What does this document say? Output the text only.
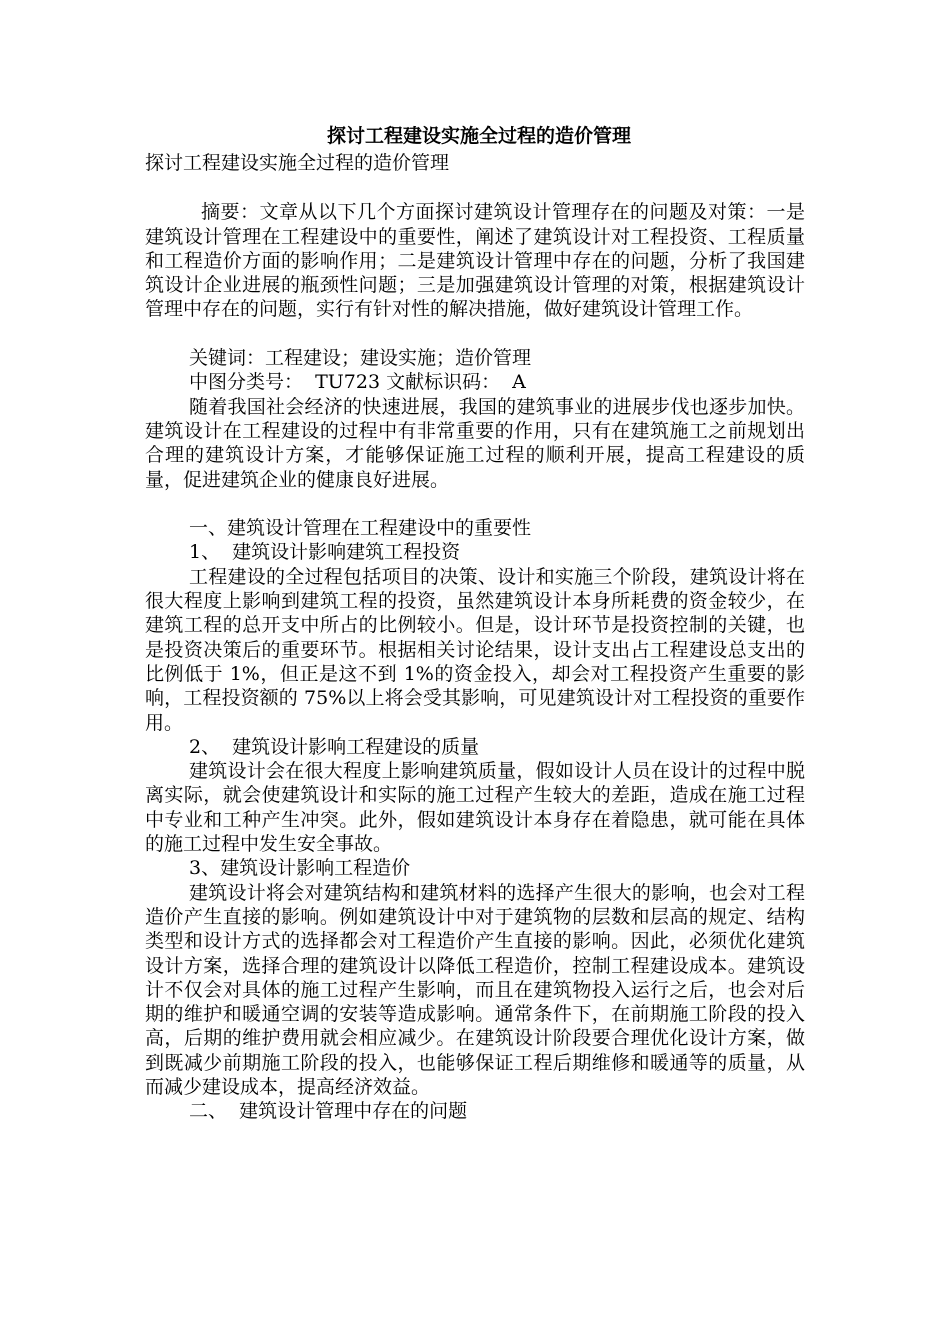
探讨工程建设实施全过程的造价管理

探讨工程建设实施全过程的造价管理

摘要：文章从以下几个方面探讨建筑设计管理存在的问题及对策：一是建筑设计管理在工程建设中的重要性，阐述了建筑设计对工程投资、工程质量和工程造价方面的影响作用；二是建筑设计管理中存在的问题，分析了我国建筑设计企业进展的瓶颈性问题；三是加强建筑设计管理的对策，根据建筑设计管理中存在的问题，实行有针对性的解决措施，做好建筑设计管理工作。

关键词：工程建设；建设实施；造价管理

中图分类号：  TU723 文献标识码：  A

随着我国社会经济的快速进展，我国的建筑事业的进展步伐也逐步加快。建筑设计在工程建设的过程中有非常重要的作用，只有在建筑施工之前规划出合理的建筑设计方案，才能够保证施工过程的顺利开展，提高工程建设的质量，促进建筑企业的健康良好进展。

一、建筑设计管理在工程建设中的重要性

1、  建筑设计影响建筑工程投资

工程建设的全过程包括项目的决策、设计和实施三个阶段，建筑设计将在很大程度上影响到建筑工程的投资，虽然建筑设计本身所耗费的资金较少，在建筑工程的总开支中所占的比例较小。但是，设计环节是投资控制的关键，也是投资决策后的重要环节。根据相关讨论结果，设计支出占工程建设总支出的比例低于 1%，但正是这不到 1%的资金投入，却会对工程投资产生重要的影响，工程投资额的 75%以上将会受其影响，可见建筑设计对工程投资的重要作用。

2、  建筑设计影响工程建设的质量

建筑设计会在很大程度上影响建筑质量，假如设计人员在设计的过程中脱离实际，就会使建筑设计和实际的施工过程产生较大的差距，造成在施工过程中专业和工种产生冲突。此外，假如建筑设计本身存在着隐患，就可能在具体的施工过程中发生安全事故。

3、建筑设计影响工程造价

建筑设计将会对建筑结构和建筑材料的选择产生很大的影响，也会对工程造价产生直接的影响。例如建筑设计中对于建筑物的层数和层高的规定、结构类型和设计方式的选择都会对工程造价产生直接的影响。因此，必须优化建筑设计方案，选择合理的建筑设计以降低工程造价，控制工程建设成本。建筑设计不仅会对具体的施工过程产生影响，而且在建筑物投入运行之后，也会对后期的维护和暖通空调的安装等造成影响。通常条件下，在前期施工阶段的投入高，后期的维护费用就会相应减少。在建筑设计阶段要合理优化设计方案，做到既减少前期施工阶段的投入，也能够保证工程后期维修和暖通等的质量，从而减少建设成本，提高经济效益。

二、  建筑设计管理中存在的问题
